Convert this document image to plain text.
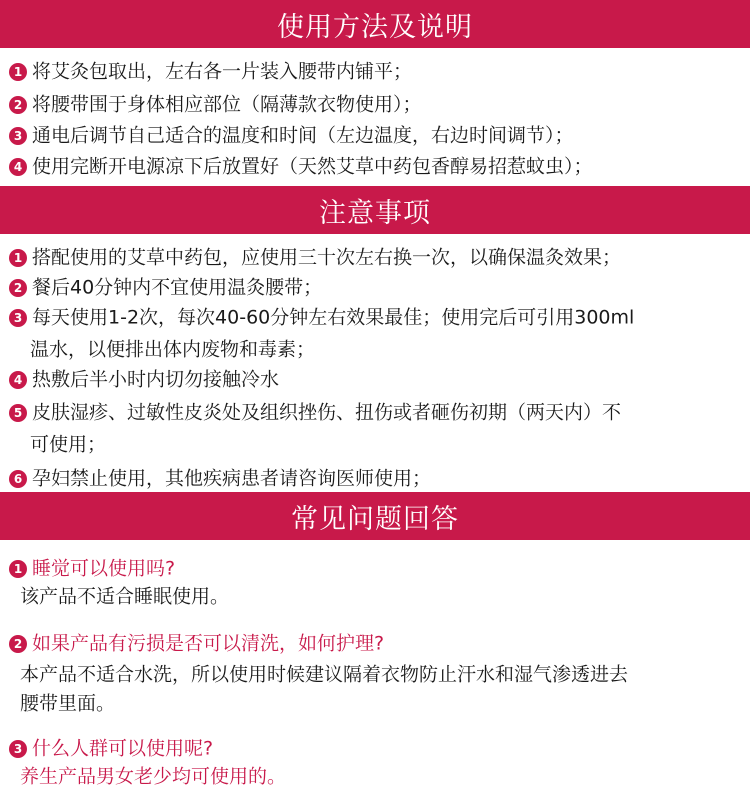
使用方法及说明
1 将艾灸包取出，左右各一片装入腰带内铺平；
2 将腰带围于身体相应部位（隔薄款衣物使用）；
3 通电后调节自己适合的温度和时间（左边温度，右边时间调节）；
4 使用完断开电源凉下后放置好（天然艾草中药包香醇易招惹蚊虫）；
注意事项
1 搭配使用的艾草中药包，应使用三十次左右换一次，以确保温灸效果；
2 餐后40分钟内不宜使用温灸腰带；
3 每天使用1-2次，每次40-60分钟左右效果最佳；使用完后可引用300ml
温水，以便排出体内废物和毒素；
4 热敷后半小时内切勿接触冷水
5 皮肤湿疹、过敏性皮炎处及组织挫伤、扭伤或者砸伤初期（两天内）不
可使用；
6 孕妇禁止使用，其他疾病患者请咨询医师使用；
常见问题回答
1 睡觉可以使用吗?
该产品不适合睡眠使用。
2 如果产品有污损是否可以清洗，如何护理?
本产品不适合水洗，所以使用时候建议隔着衣物防止汗水和湿气渗透进去
腰带里面。
3 什么人群可以使用呢?
养生产品男女老少均可使用的。
